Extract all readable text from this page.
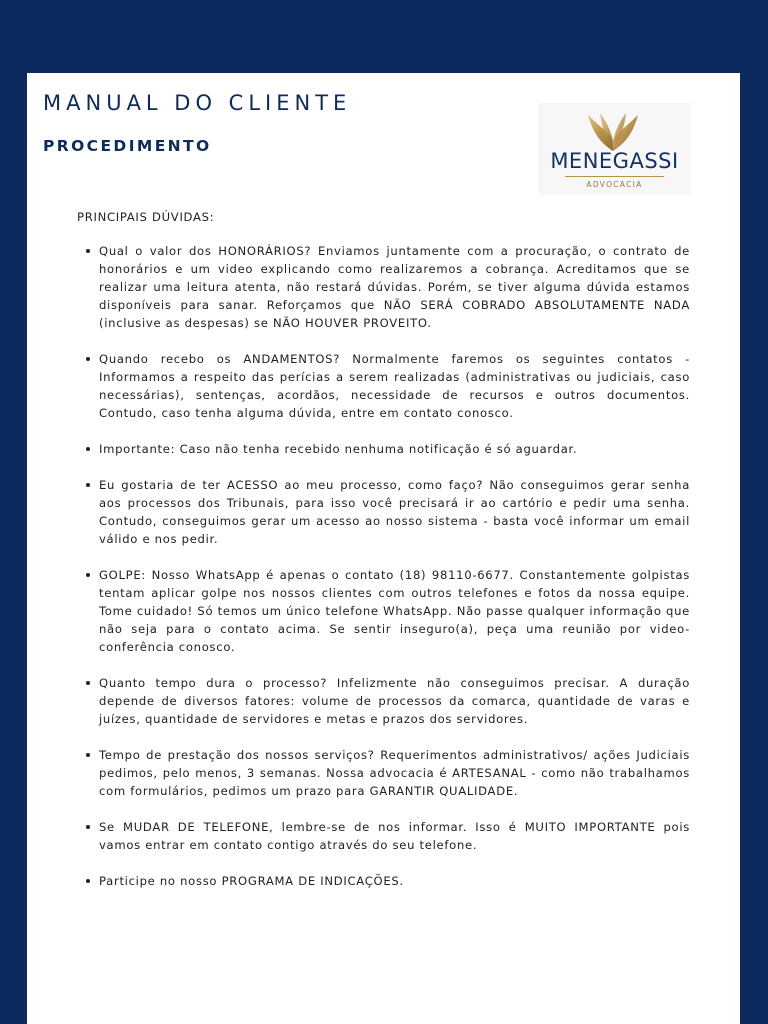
MANUAL DO CLIENTE
PROCEDIMENTO
MENEGASSI
ADVOCACIA

PRINCIPAIS DÚVIDAS:

Qual o valor dos HONORÁRIOS? Enviamos juntamente com a procuração, o contrato de honorários e um video explicando como realizaremos a cobrança. Acreditamos que se realizar uma leitura atenta, não restará dúvidas. Porém, se tiver alguma dúvida estamos disponíveis para sanar. Reforçamos que NÃO SERÁ COBRADO ABSOLUTAMENTE NADA (inclusive as despesas) se NÃO HOUVER PROVEITO.
Quando recebo os ANDAMENTOS? Normalmente faremos os seguintes contatos - Informamos a respeito das perícias a serem realizadas (administrativas ou judiciais, caso necessárias), sentenças, acordãos, necessidade de recursos e outros documentos. Contudo, caso tenha alguma dúvida, entre em contato conosco.
Importante: Caso não tenha recebido nenhuma notificação é só aguardar.
Eu gostaria de ter ACESSO ao meu processo, como faço? Não conseguimos gerar senha aos processos dos Tribunais, para isso você precisará ir ao cartório e pedir uma senha. Contudo, conseguimos gerar um acesso ao nosso sistema - basta você informar um email válido e nos pedir.
GOLPE: Nosso WhatsApp é apenas o contato (18) 98110-6677. Constantemente golpistas tentam aplicar golpe nos nossos clientes com outros telefones e fotos da nossa equipe. Tome cuidado! Só temos um único telefone WhatsApp. Não passe qualquer informação que não seja para o contato acima. Se sentir inseguro(a), peça uma reunião por video-conferência conosco.
Quanto tempo dura o processo? Infelizmente não conseguimos precisar. A duração depende de diversos fatores: volume de processos da comarca, quantidade de varas e juízes, quantidade de servidores e metas e prazos dos servidores.
Tempo de prestação dos nossos serviços? Requerimentos administrativos/ ações Judiciais pedimos, pelo menos, 3 semanas. Nossa advocacia é ARTESANAL - como não trabalhamos com formulários, pedimos um prazo para GARANTIR QUALIDADE.
Se MUDAR DE TELEFONE, lembre-se de nos informar. Isso é MUITO IMPORTANTE pois vamos entrar em contato contigo através do seu telefone.
Participe no nosso PROGRAMA DE INDICAÇÕES.
